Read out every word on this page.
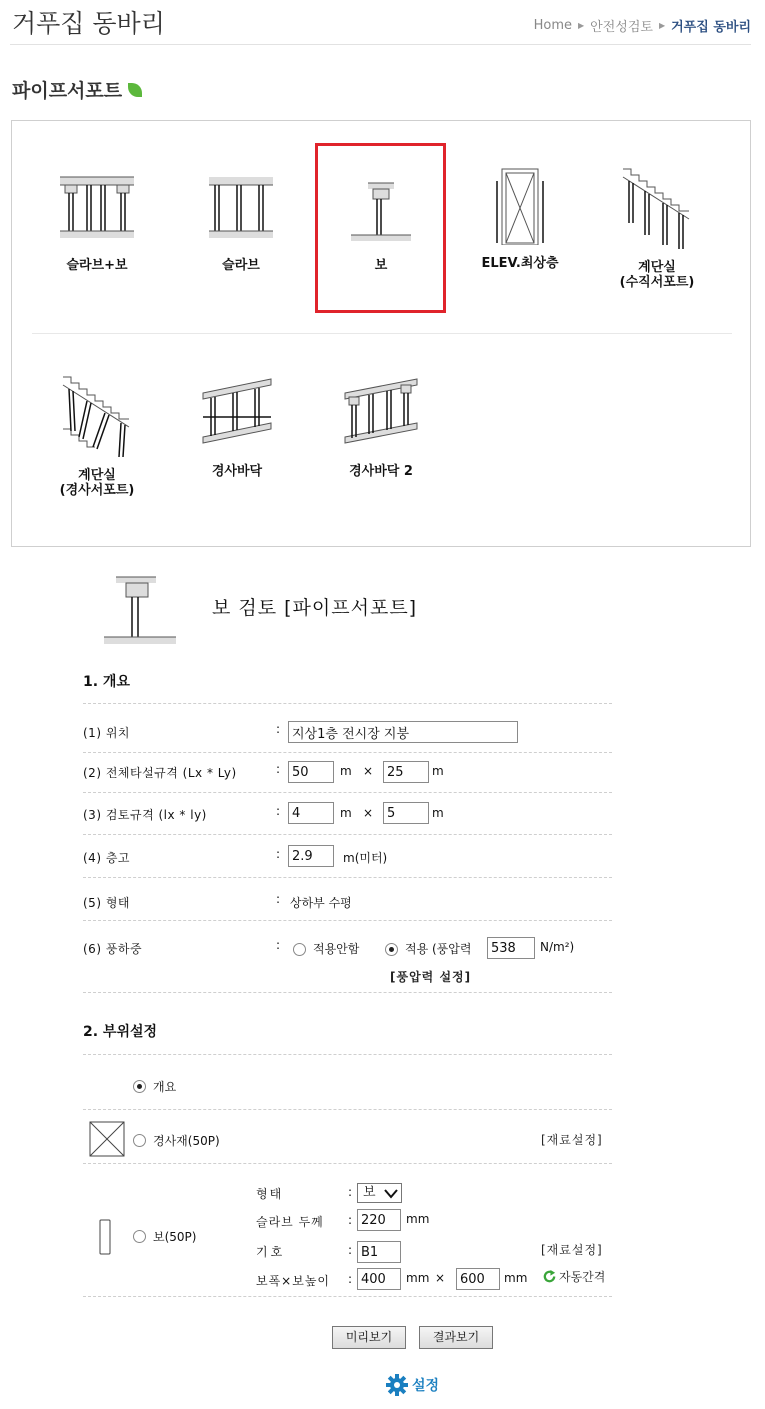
거푸집 동바리	Home ▶ 안전성검토 ▶ 거푸집 동바리
파이프서포트
슬라브+보	슬라브	보	ELEV.최상층	계단실
(수직서포트)
계단실
(경사서포트)
경사바닥	경사바닥 2
보 검토 [파이프서포트]
1. 개요
(1) 위치	:
지상1층 전시장 지붕
(2) 전체타설규격 (Lx * Ly)	:
50	m ×
25	m
(3) 검토규격 (lx * ly)	:
4	m ×
5	m
(4) 층고	:
2.9	m(미터)
(5) 형태	: 상하부 수평
(6) 풍하중	:	적용안함	적용 (풍압력
538	N/m²)
[풍압력 설정]
2. 부위설정
개요
경사재(50P)	[재료설정]
보(50P)
형태	: 보
슬라브 두께 :
220	mm
기호	:
B1	[재료설정]
보폭×보높이 :
400	mm ×
600	mm	자동간격
미리보기	결과보기
설정
